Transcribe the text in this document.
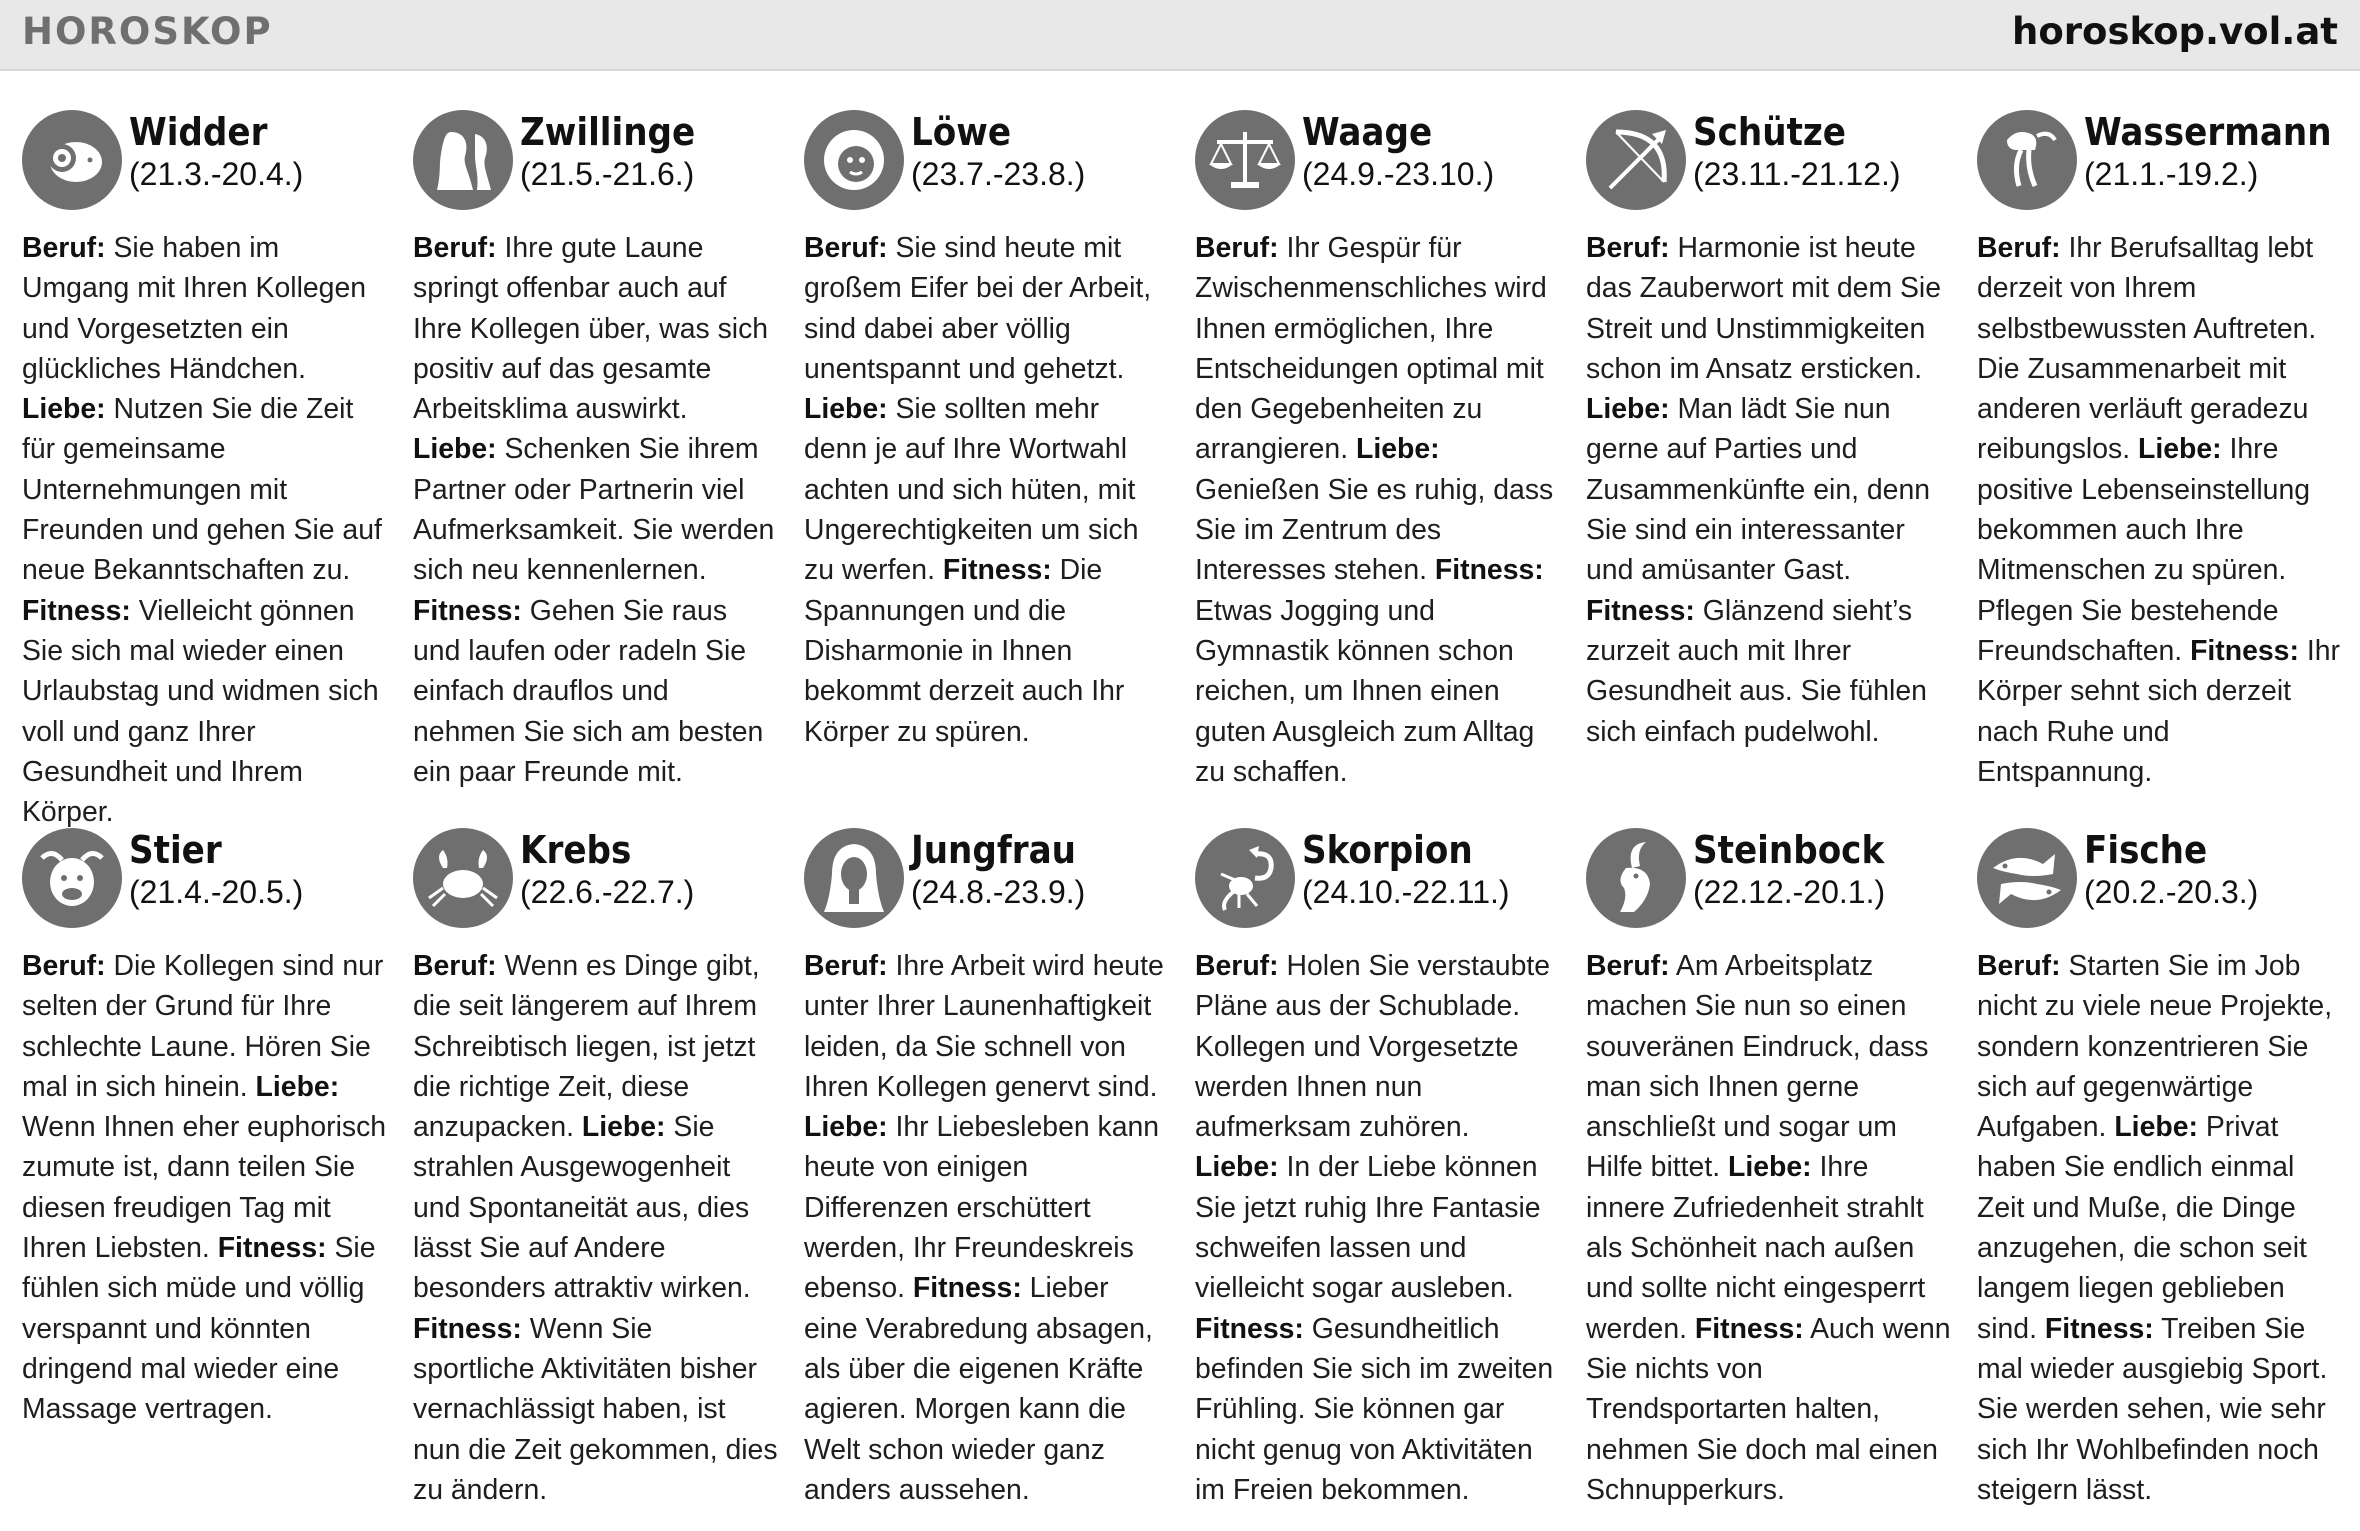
HOROSKOP	horoskop.vol.at
Widder
(21.3.-20.4.)
Beruf: Sie haben im Umgang mit Ihren Kollegen und Vorgesetzten ein glückliches Händchen. Liebe: Nutzen Sie die Zeit für gemeinsame Unternehmungen mit Freunden und gehen Sie auf neue Bekanntschaften zu. Fitness: Vielleicht gönnen Sie sich mal wieder einen Urlaubstag und widmen sich voll und ganz Ihrer Gesundheit und Ihrem Körper.
Zwillinge
(21.5.-21.6.)
Beruf: Ihre gute Laune springt offenbar auch auf Ihre Kollegen über, was sich positiv auf das gesamte Arbeitsklima auswirkt. Liebe: Schenken Sie ihrem Partner oder Partnerin viel Aufmerksamkeit. Sie werden sich neu kennenlernen. Fitness: Gehen Sie raus und laufen oder radeln Sie einfach drauflos und nehmen Sie sich am besten ein paar Freunde mit.
Löwe
(23.7.-23.8.)
Beruf: Sie sind heute mit großem Eifer bei der Arbeit, sind dabei aber völlig unentspannt und gehetzt. Liebe: Sie sollten mehr denn je auf Ihre Wortwahl achten und sich hüten, mit Ungerechtigkeiten um sich zu werfen. Fitness: Die Spannungen und die Disharmonie in Ihnen bekommt derzeit auch Ihr Körper zu spüren.
Waage
(24.9.-23.10.)
Beruf: Ihr Gespür für Zwischenmenschliches wird Ihnen ermöglichen, Ihre Entscheidungen optimal mit den Gegebenheiten zu arrangieren. Liebe: Genießen Sie es ruhig, dass Sie im Zentrum des Interesses stehen. Fitness: Etwas Jogging und Gymnastik können schon reichen, um Ihnen einen guten Ausgleich zum Alltag zu schaffen.
Schütze
(23.11.-21.12.)
Beruf: Harmonie ist heute das Zauberwort mit dem Sie Streit und Unstimmigkeiten schon im Ansatz ersticken. Liebe: Man lädt Sie nun gerne auf Parties und Zusammenkünfte ein, denn Sie sind ein interessanter und amüsanter Gast. Fitness: Glänzend sieht’s zurzeit auch mit Ihrer Gesundheit aus. Sie fühlen sich einfach pudelwohl.
Wassermann
(21.1.-19.2.)
Beruf: Ihr Berufsalltag lebt derzeit von Ihrem selbstbewussten Auftreten. Die Zusammenarbeit mit anderen verläuft geradezu reibungslos. Liebe: Ihre positive Lebenseinstellung bekommen auch Ihre Mitmenschen zu spüren. Pflegen Sie bestehende Freundschaften. Fitness: Ihr Körper sehnt sich derzeit nach Ruhe und Entspannung.
Stier
(21.4.-20.5.)
Beruf: Die Kollegen sind nur selten der Grund für Ihre schlechte Laune. Hören Sie mal in sich hinein. Liebe: Wenn Ihnen eher euphorisch zumute ist, dann teilen Sie diesen freudigen Tag mit Ihren Liebsten. Fitness: Sie fühlen sich müde und völlig verspannt und könnten dringend mal wieder eine Massage vertragen.
Krebs
(22.6.-22.7.)
Beruf: Wenn es Dinge gibt, die seit längerem auf Ihrem Schreibtisch liegen, ist jetzt die richtige Zeit, diese anzupacken. Liebe: Sie strahlen Ausgewogenheit und Spontaneität aus, dies lässt Sie auf Andere besonders attraktiv wirken. Fitness: Wenn Sie sportliche Aktivitäten bisher vernachlässigt haben, ist nun die Zeit gekommen, dies zu ändern.
Jungfrau
(24.8.-23.9.)
Beruf: Ihre Arbeit wird heute unter Ihrer Launenhaftigkeit leiden, da Sie schnell von Ihren Kollegen genervt sind. Liebe: Ihr Liebesleben kann heute von einigen Differenzen erschüttert werden, Ihr Freundeskreis ebenso. Fitness: Lieber eine Verabredung absagen, als über die eigenen Kräfte agieren. Morgen kann die Welt schon wieder ganz anders aussehen.
Skorpion
(24.10.-22.11.)
Beruf: Holen Sie verstaubte Pläne aus der Schublade. Kollegen und Vorgesetzte werden Ihnen nun aufmerksam zuhören. Liebe: In der Liebe können Sie jetzt ruhig Ihre Fantasie schweifen lassen und vielleicht sogar ausleben. Fitness: Gesundheitlich befinden Sie sich im zweiten Frühling. Sie können gar nicht genug von Aktivitäten im Freien bekommen.
Steinbock
(22.12.-20.1.)
Beruf: Am Arbeitsplatz machen Sie nun so einen souveränen Eindruck, dass man sich Ihnen gerne anschließt und sogar um Hilfe bittet. Liebe: Ihre innere Zufriedenheit strahlt als Schönheit nach außen und sollte nicht eingesperrt werden. Fitness: Auch wenn Sie nichts von Trendsportarten halten, nehmen Sie doch mal einen Schnupperkurs.
Fische
(20.2.-20.3.)
Beruf: Starten Sie im Job nicht zu viele neue Projekte, sondern konzentrieren Sie sich auf gegenwärtige Aufgaben. Liebe: Privat haben Sie endlich einmal Zeit und Muße, die Dinge anzugehen, die schon seit langem liegen geblieben sind. Fitness: Treiben Sie mal wieder ausgiebig Sport. Sie werden sehen, wie sehr sich Ihr Wohlbefinden noch steigern lässt.
